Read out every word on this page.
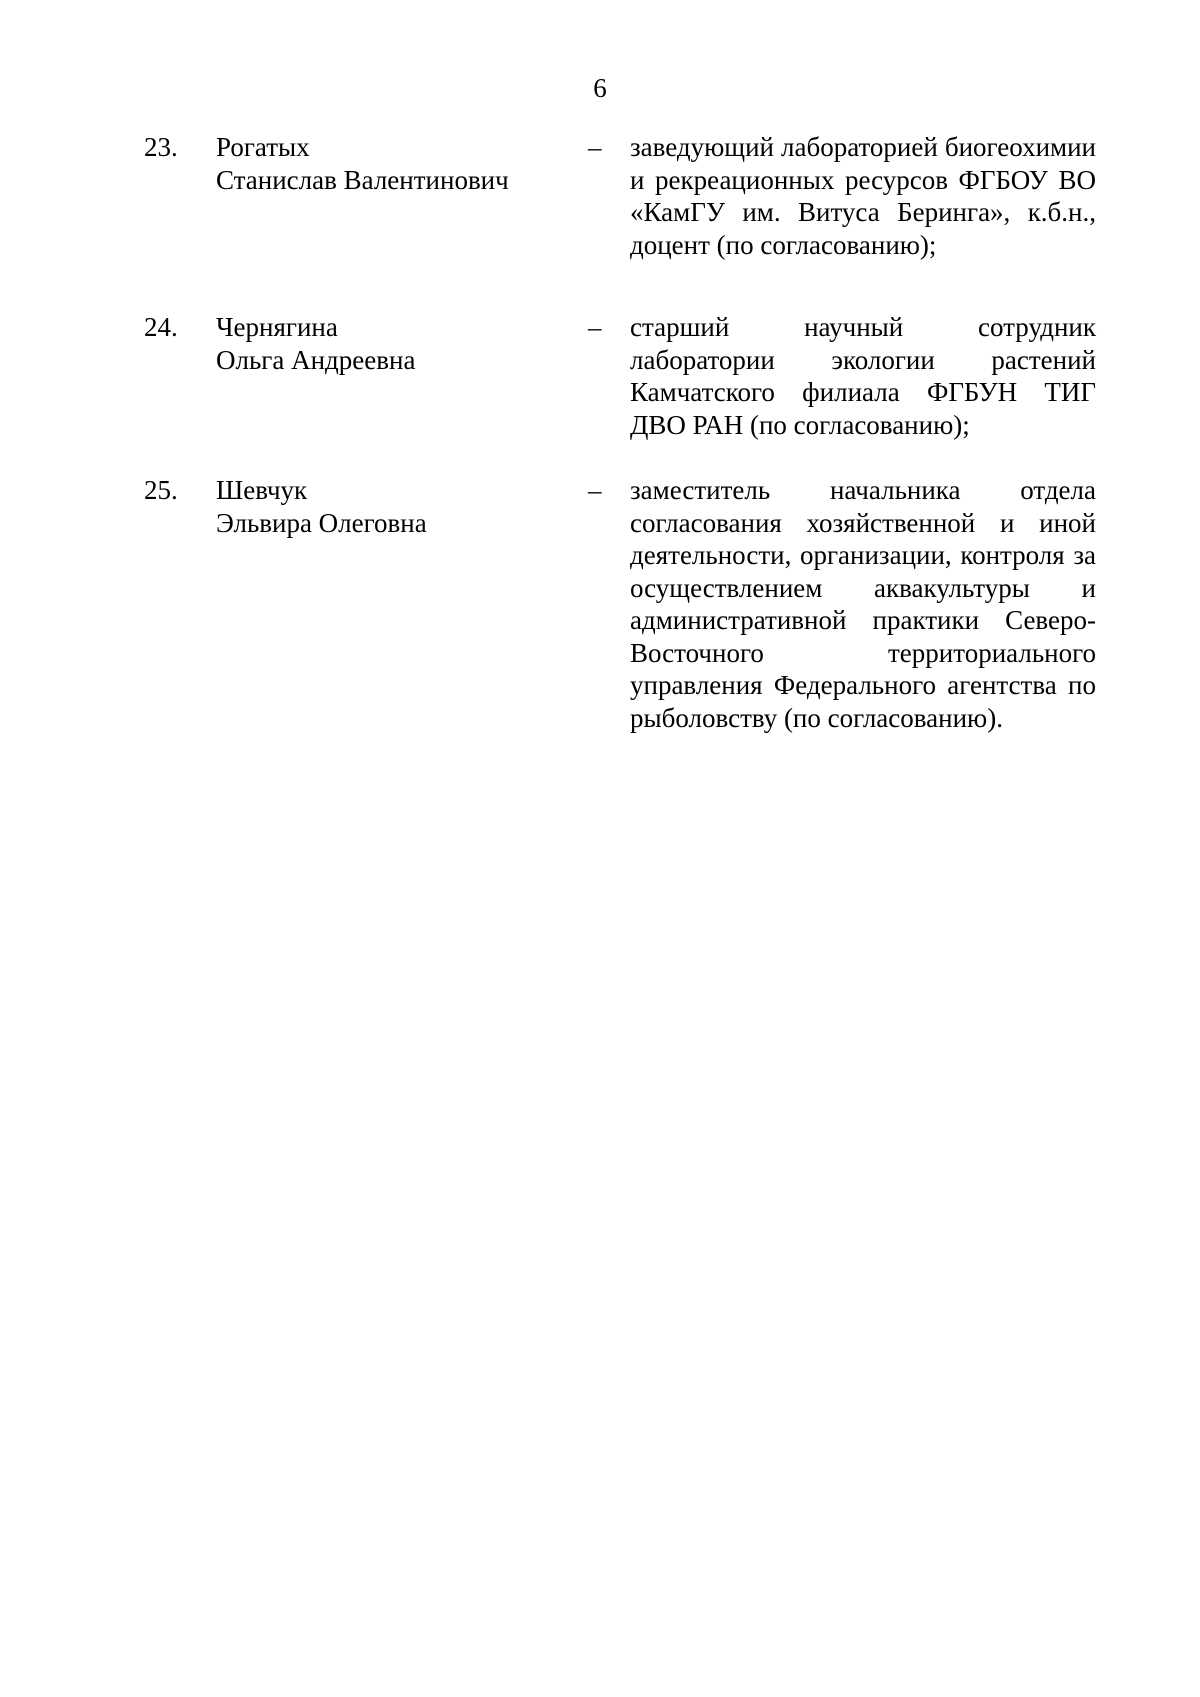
6
23. Рогатых
Станислав Валентинович
– заведующий лабораторией биогеохимии и рекреационных ресурсов ФГБОУ ВО «КамГУ им. Витуса Беринга», к.б.н., доцент (по согласованию);
24. Чернягина
Ольга Андреевна
– старший научный сотрудник лаборатории экологии растений Камчатского филиала ФГБУН ТИГ ДВО РАН (по согласованию);
25. Шевчук
Эльвира Олеговна
– заместитель начальника отдела согласования хозяйственной и иной деятельности, организации, контроля за осуществлением аквакультуры и административной практики Северо-Восточного территориального управления Федерального агентства по рыболовству (по согласованию).
